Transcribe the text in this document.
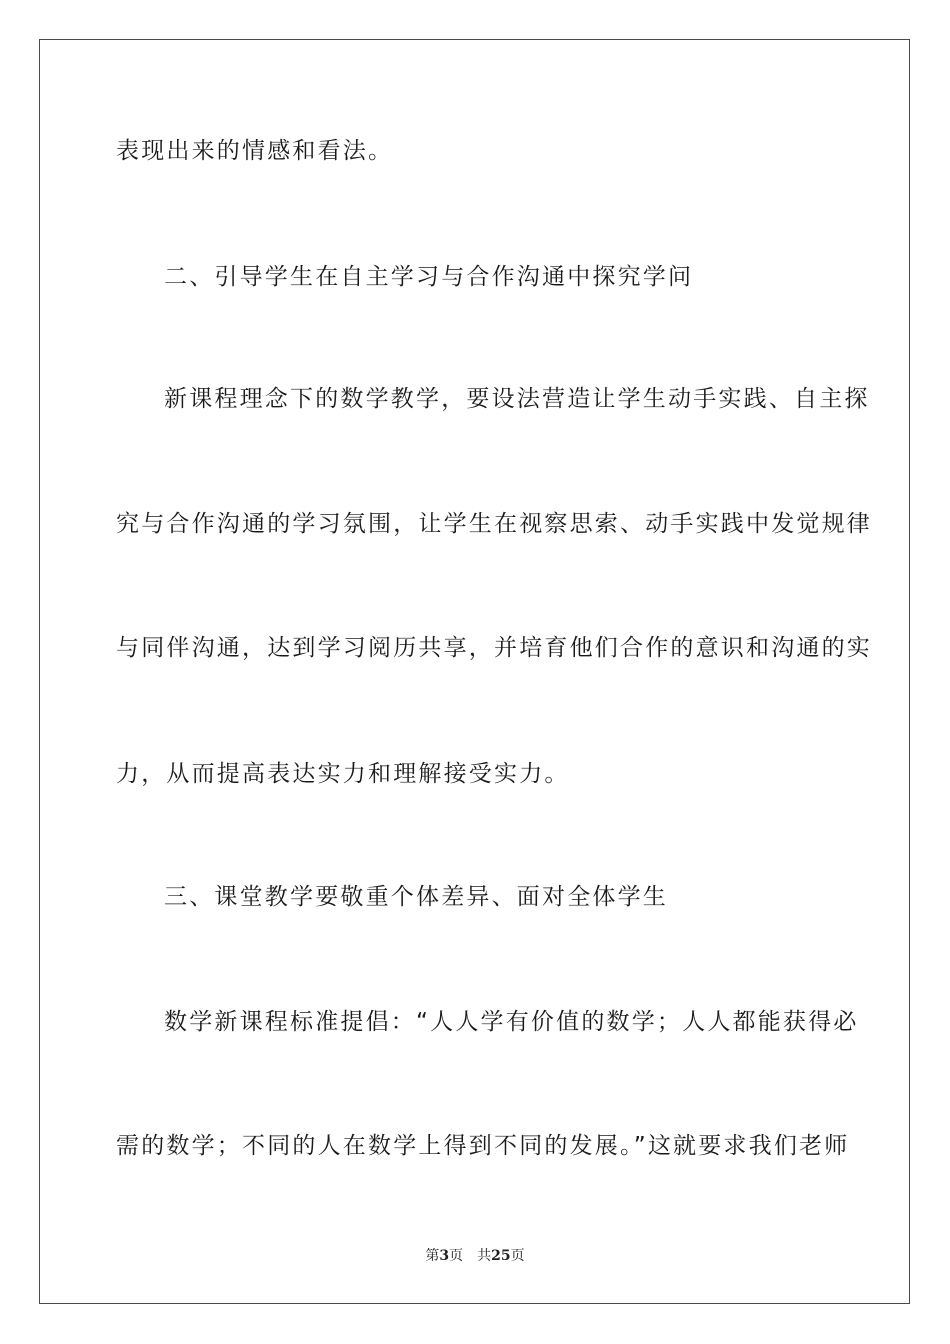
表现出来的情感和看法。
二、引导学生在自主学习与合作沟通中探究学问
新课程理念下的数学教学，要设法营造让学生动手实践、自主探
究与合作沟通的学习氛围，让学生在视察思索、动手实践中发觉规律
与同伴沟通，达到学习阅历共享，并培育他们合作的意识和沟通的实
力，从而提高表达实力和理解接受实力。
三、课堂教学要敬重个体差异、面对全体学生
数学新课程标准提倡：“人人学有价值的数学；人人都能获得必
需的数学；不同的人在数学上得到不同的发展。”这就要求我们老师
第3页 共25页
